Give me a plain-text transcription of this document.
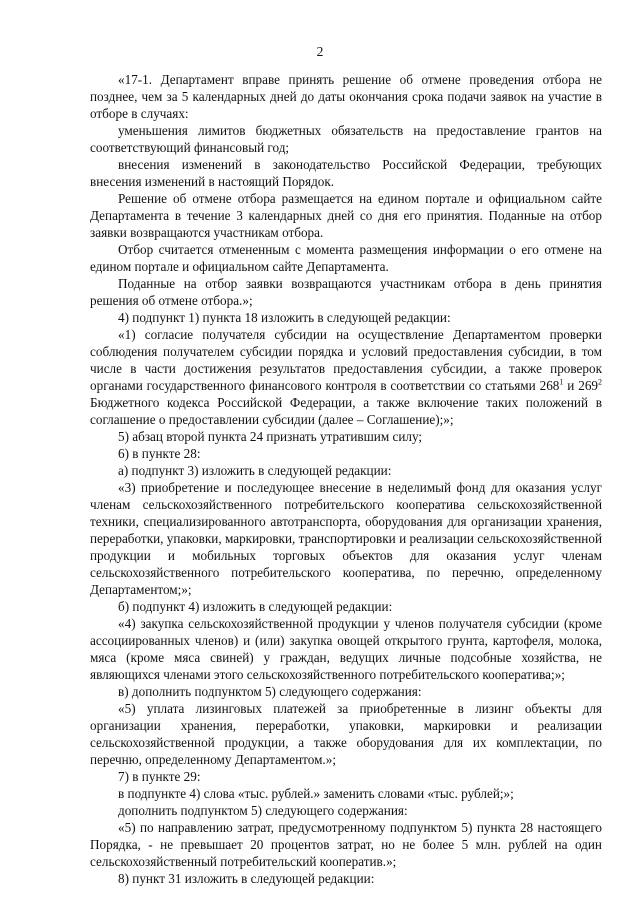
2

«17-1. Департамент вправе принять решение об отмене проведения отбора не позднее, чем за 5 календарных дней до даты окончания срока подачи заявок на участие в отборе в случаях:

уменьшения лимитов бюджетных обязательств на предоставление грантов на соответствующий финансовый год;

внесения изменений в законодательство Российской Федерации, требующих внесения изменений в настоящий Порядок.

Решение об отмене отбора размещается на едином портале и официальном сайте Департамента в течение 3 календарных дней со дня его принятия. Поданные на отбор заявки возвращаются участникам отбора.

Отбор считается отмененным с момента размещения информации о его отмене на едином портале и официальном сайте Департамента.

Поданные на отбор заявки возвращаются участникам отбора в день принятия решения об отмене отбора.»;

4) подпункт 1) пункта 18 изложить в следующей редакции:

«1) согласие получателя субсидии на осуществление Департаментом проверки соблюдения получателем субсидии порядка и условий предоставления субсидии, в том числе в части достижения результатов предоставления субсидии, а также проверок органами государственного финансового контроля в соответствии со статьями $268^1$ и $269^2$ Бюджетного кодекса Российской Федерации, а также включение таких положений в соглашение о предоставлении субсидии (далее – Соглашение);»;

5) абзац второй пункта 24 признать утратившим силу;

6) в пункте 28:

а) подпункт 3) изложить в следующей редакции:

«3) приобретение и последующее внесение в неделимый фонд для оказания услуг членам сельскохозяйственного потребительского кооператива сельскохозяйственной техники, специализированного автотранспорта, оборудования для организации хранения, переработки, упаковки, маркировки, транспортировки и реализации сельскохозяйственной продукции и мобильных торговых объектов для оказания услуг членам сельскохозяйственного потребительского кооператива, по перечню, определенному Департаментом;»;

б) подпункт 4) изложить в следующей редакции:

«4) закупка сельскохозяйственной продукции у членов получателя субсидии (кроме ассоциированных членов) и (или) закупка овощей открытого грунта, картофеля, молока, мяса (кроме мяса свиней) у граждан, ведущих личные подсобные хозяйства, не являющихся членами этого сельскохозяйственного потребительского кооператива;»;

в) дополнить подпунктом 5) следующего содержания:

«5) уплата лизинговых платежей за приобретенные в лизинг объекты для организации хранения, переработки, упаковки, маркировки и реализации сельскохозяйственной продукции, а также оборудования для их комплектации, по перечню, определенному Департаментом.»;

7) в пункте 29:

в подпункте 4) слова «тыс. рублей.» заменить словами «тыс. рублей;»;

дополнить подпунктом 5) следующего содержания:

«5) по направлению затрат, предусмотренному подпунктом 5) пункта 28 настоящего Порядка, - не превышает 20 процентов затрат, но не более 5 млн. рублей на один сельскохозяйственный потребительский кооператив.»;

8) пункт 31 изложить в следующей редакции:
